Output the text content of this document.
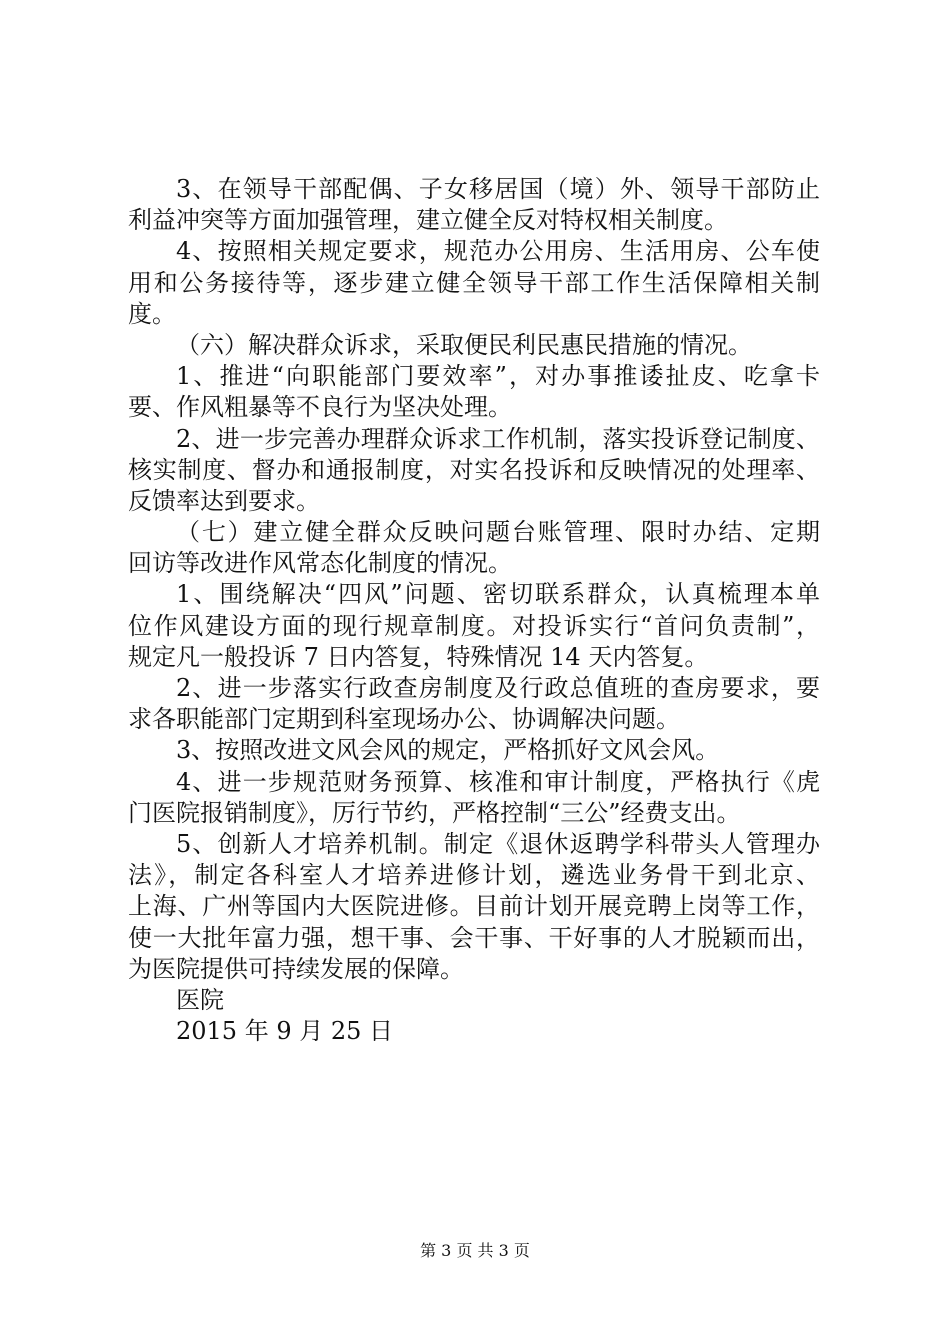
3、在领导干部配偶、子女移居国（境）外、领导干部防止
利益冲突等方面加强管理，建立健全反对特权相关制度。
4、按照相关规定要求，规范办公用房、生活用房、公车使
用和公务接待等，逐步建立健全领导干部工作生活保障相关制
度。
（六）解决群众诉求，采取便民利民惠民措施的情况。
1、推进“向职能部门要效率”，对办事推诿扯皮、吃拿卡
要、作风粗暴等不良行为坚决处理。
2、进一步完善办理群众诉求工作机制，落实投诉登记制度、
核实制度、督办和通报制度，对实名投诉和反映情况的处理率、
反馈率达到要求。
（七）建立健全群众反映问题台账管理、限时办结、定期
回访等改进作风常态化制度的情况。
1、围绕解决“四风”问题、密切联系群众，认真梳理本单
位作风建设方面的现行规章制度。对投诉实行“首问负责制”，
规定凡一般投诉 7 日内答复，特殊情况 14 天内答复。
2、进一步落实行政查房制度及行政总值班的查房要求，要
求各职能部门定期到科室现场办公、协调解决问题。
3、按照改进文风会风的规定，严格抓好文风会风。
4、进一步规范财务预算、核准和审计制度，严格执行《虎
门医院报销制度》，厉行节约，严格控制“三公”经费支出。
5、创新人才培养机制。制定《退休返聘学科带头人管理办
法》，制定各科室人才培养进修计划，遴选业务骨干到北京、
上海、广州等国内大医院进修。目前计划开展竞聘上岗等工作，
使一大批年富力强，想干事、会干事、干好事的人才脱颖而出，
为医院提供可持续发展的保障。
医院
2015 年 9 月 25 日
第 3 页 共 3 页
